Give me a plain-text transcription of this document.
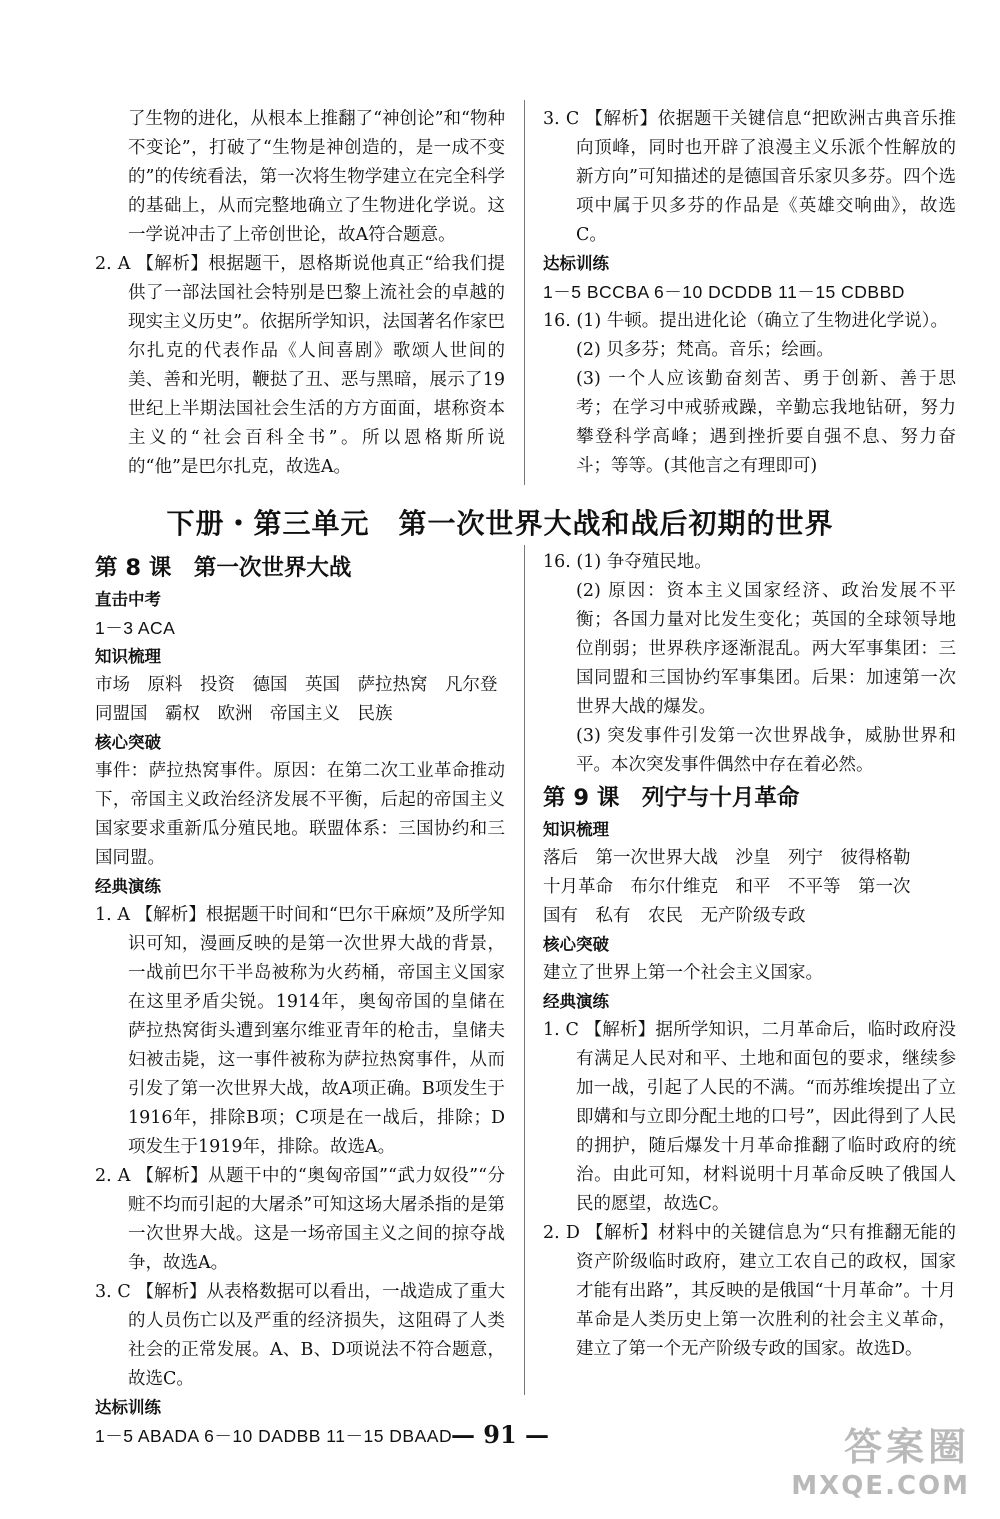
了生物的进化，从根本上推翻了“神创论”和“物种不变论”，打破了“生物是神创造的，是一成不变的”的传统看法，第一次将生物学建立在完全科学的基础上，从而完整地确立了生物进化学说。这一学说冲击了上帝创世论，故A符合题意。

2. A 【解析】根据题干，恩格斯说他真正“给我们提供了一部法国社会特别是巴黎上流社会的卓越的现实主义历史”。依据所学知识，法国著名作家巴尔扎克的代表作品《人间喜剧》歌颂人世间的美、善和光明，鞭挞了丑、恶与黑暗，展示了19世纪上半期法国社会生活的方方面面，堪称资本主义的“社会百科全书”。所以恩格斯所说的“他”是巴尔扎克，故选A。

3. C 【解析】依据题干关键信息“把欧洲古典音乐推向顶峰，同时也开辟了浪漫主义乐派个性解放的新方向”可知描述的是德国音乐家贝多芬。四个选项中属于贝多芬的作品是《英雄交响曲》，故选C。

达标训练

1－5 BCCBA 6－10 DCDDB 11－15 CDBBD

16. (1) 牛顿。提出进化论（确立了生物进化学说）。

(2) 贝多芬；梵高。音乐；绘画。

(3) 一个人应该勤奋刻苦、勇于创新、善于思考；在学习中戒骄戒躁，辛勤忘我地钻研，努力攀登科学高峰；遇到挫折要自强不息、努力奋斗；等等。(其他言之有理即可)

下册・第三单元　第一次世界大战和战后初期的世界

第 8 课　第一次世界大战

直击中考

1－3 ACA

知识梳理

市场　原料　投资　德国　英国　萨拉热窝　凡尔登

同盟国　霸权　欧洲　帝国主义　民族

核心突破

事件：萨拉热窝事件。原因：在第二次工业革命推动下，帝国主义政治经济发展不平衡，后起的帝国主义国家要求重新瓜分殖民地。联盟体系：三国协约和三国同盟。

经典演练

1. A 【解析】根据题干时间和“巴尔干麻烦”及所学知识可知，漫画反映的是第一次世界大战的背景，一战前巴尔干半岛被称为火药桶，帝国主义国家在这里矛盾尖锐。1914年，奥匈帝国的皇储在萨拉热窝街头遭到塞尔维亚青年的枪击，皇储夫妇被击毙，这一事件被称为萨拉热窝事件，从而引发了第一次世界大战，故A项正确。B项发生于1916年，排除B项；C项是在一战后，排除；D项发生于1919年，排除。故选A。

2. A 【解析】从题干中的“奥匈帝国”“武力奴役”“分赃不均而引起的大屠杀”可知这场大屠杀指的是第一次世界大战。这是一场帝国主义之间的掠夺战争，故选A。

3. C 【解析】从表格数据可以看出，一战造成了重大的人员伤亡以及严重的经济损失，这阻碍了人类社会的正常发展。A、B、D项说法不符合题意，故选C。

达标训练

1－5 ABADA 6－10 DADBB 11－15 DBAAD

16. (1) 争夺殖民地。

(2) 原因：资本主义国家经济、政治发展不平衡；各国力量对比发生变化；英国的全球领导地位削弱；世界秩序逐渐混乱。两大军事集团：三国同盟和三国协约军事集团。后果：加速第一次世界大战的爆发。

(3) 突发事件引发第一次世界战争，威胁世界和平。本次突发事件偶然中存在着必然。

第 9 课　列宁与十月革命

知识梳理

落后　第一次世界大战　沙皇　列宁　彼得格勒

十月革命　布尔什维克　和平　不平等　第一次

国有　私有　农民　无产阶级专政

核心突破

建立了世界上第一个社会主义国家。

经典演练

1. C 【解析】据所学知识，二月革命后，临时政府没有满足人民对和平、土地和面包的要求，继续参加一战，引起了人民的不满。“而苏维埃提出了立即媾和与立即分配土地的口号”，因此得到了人民的拥护，随后爆发十月革命推翻了临时政府的统治。由此可知，材料说明十月革命反映了俄国人民的愿望，故选C。

2. D 【解析】材料中的关键信息为“只有推翻无能的资产阶级临时政府，建立工农自己的政权，国家才能有出路”，其反映的是俄国“十月革命”。十月革命是人类历史上第一次胜利的社会主义革命，建立了第一个无产阶级专政的国家。故选D。

— 91 —	答案圈
MXQE.COM
